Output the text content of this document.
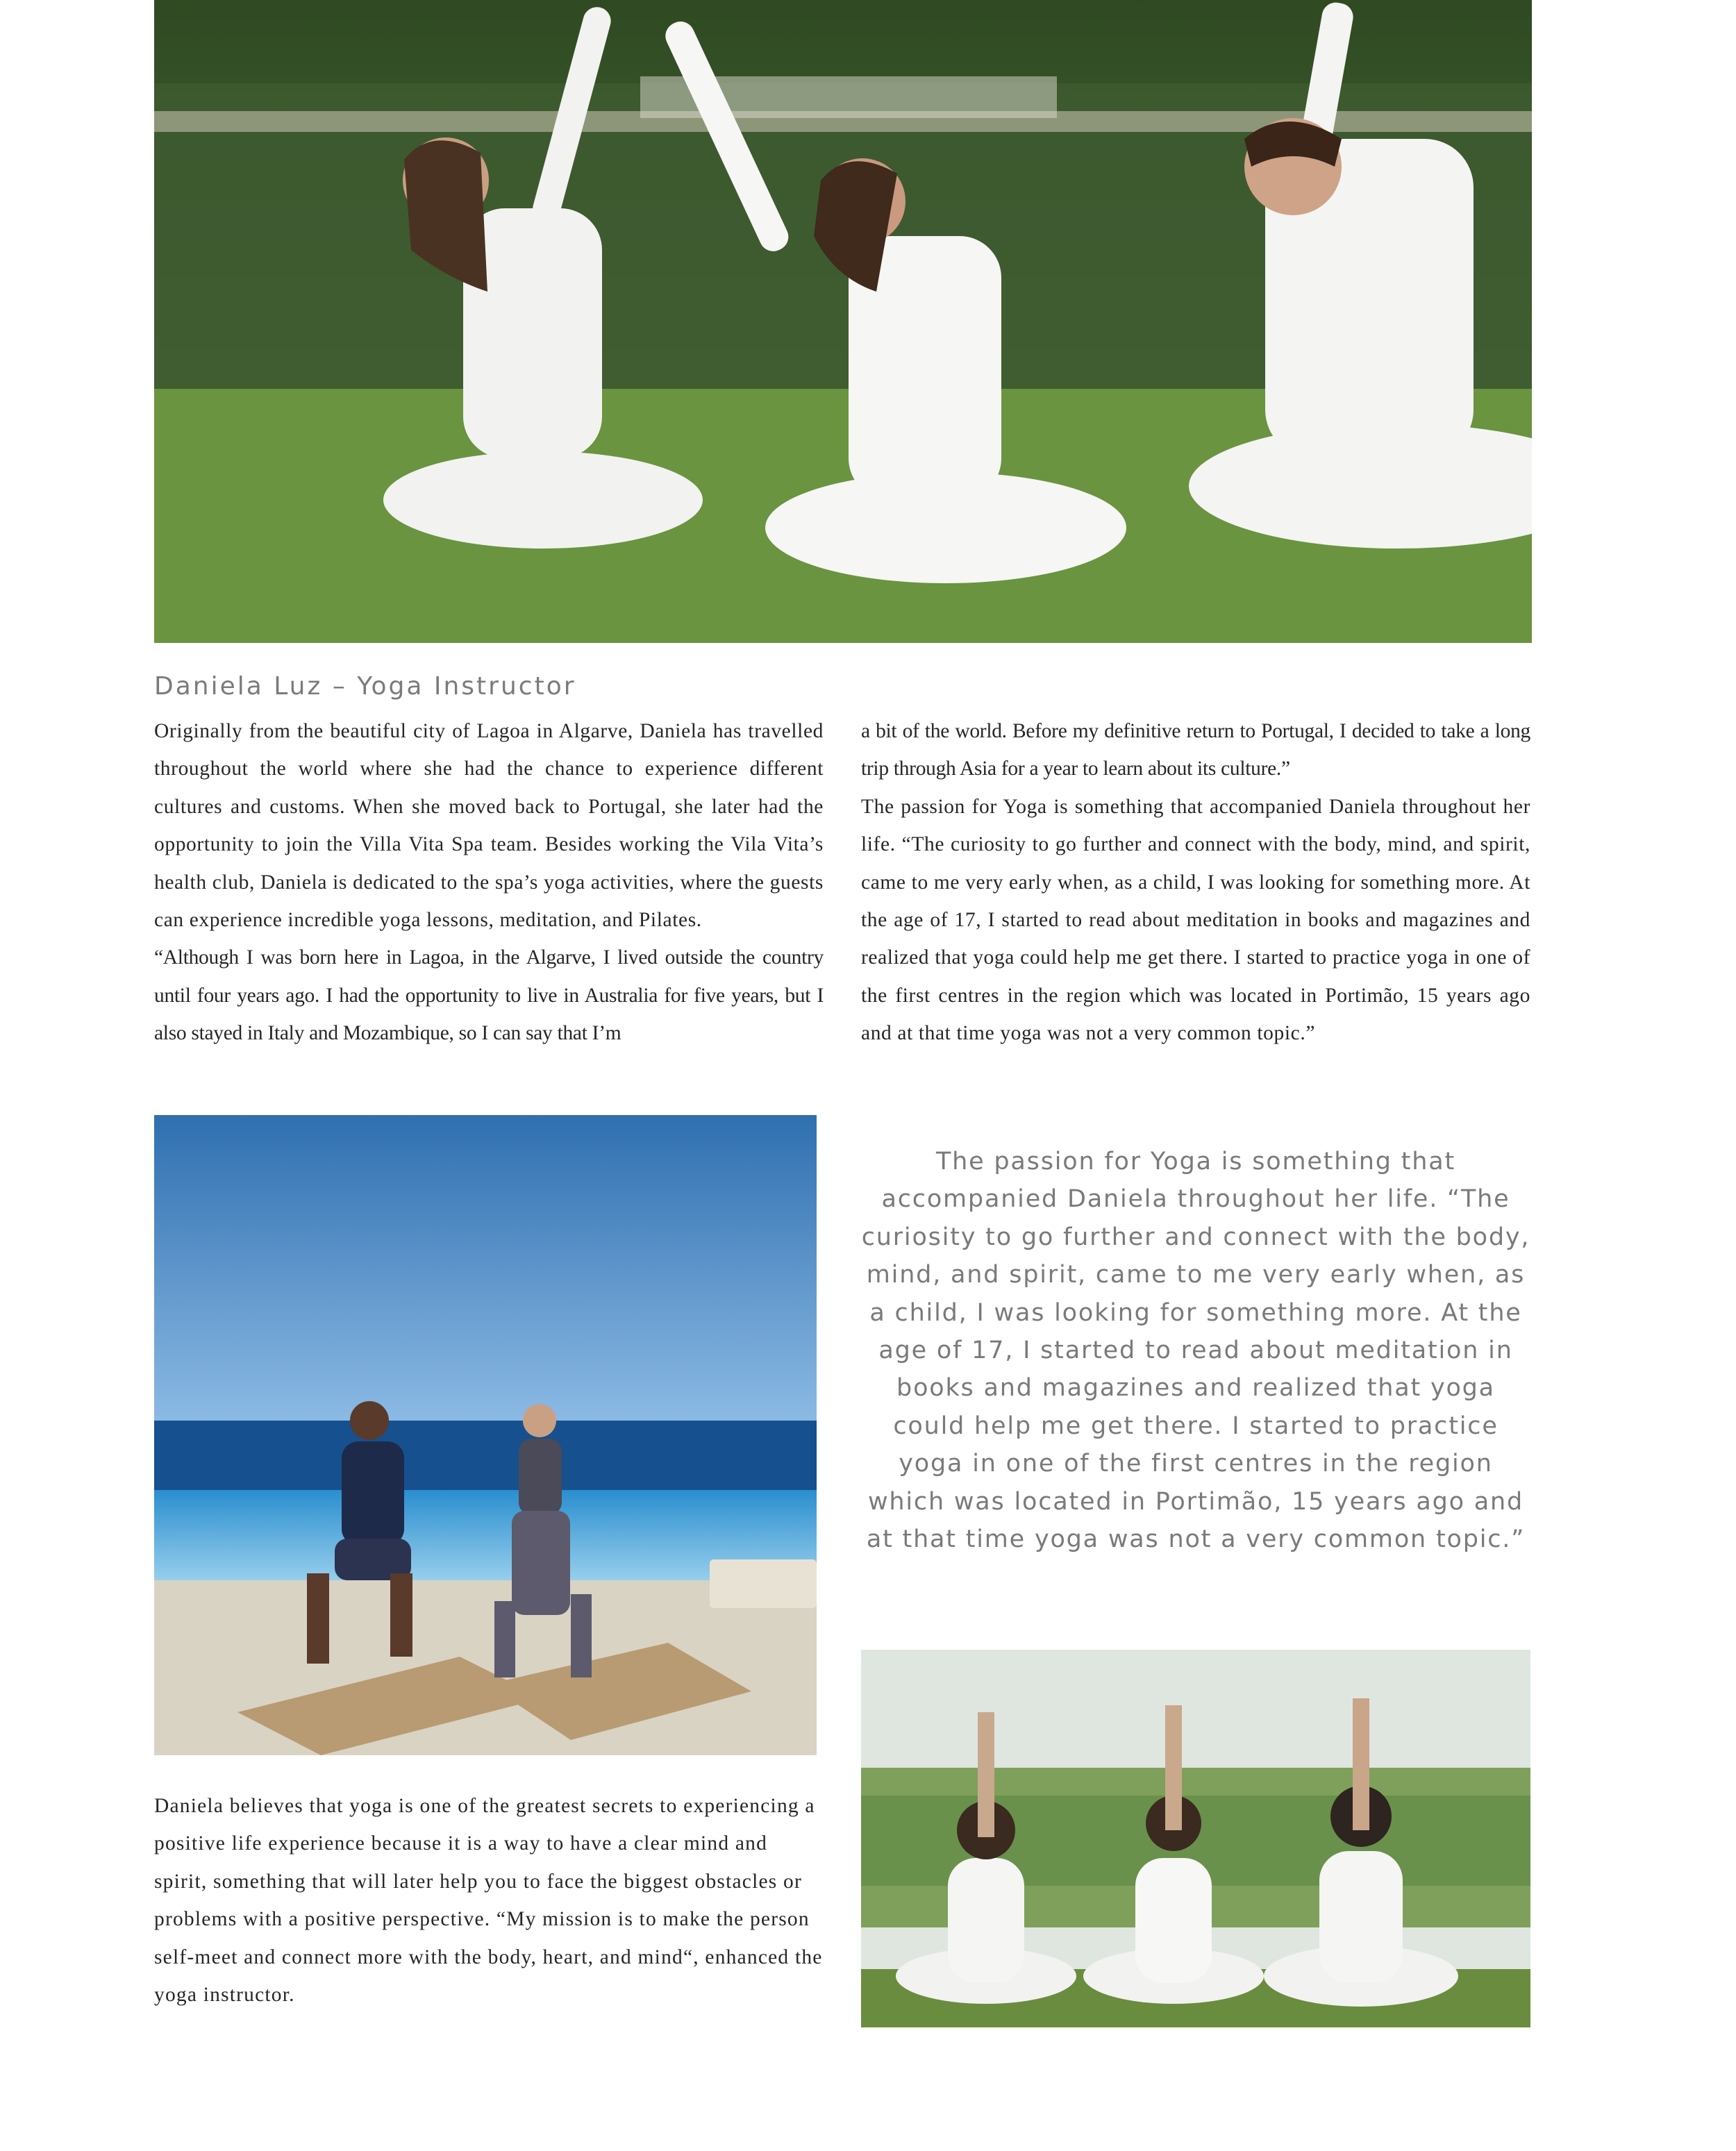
Daniela Luz – Yoga Instructor

Originally from the beautiful city of Lagoa in Algarve, Daniela has travelled throughout the world where she had the chance to experience different cultures and customs. When she moved back to Portugal, she later had the opportunity to join the Villa Vita Spa team. Besides working the Vila Vita’s health club, Daniela is dedicated to the spa’s yoga activities, where the guests can experience incredible yoga lessons, meditation, and Pilates.

“Although I was born here in Lagoa, in the Algarve, I lived outside the country until four years ago. I had the opportunity to live in Australia for five years, but I also stayed in Italy and Mozambique, so I can say that I’m

a bit of the world. Before my definitive return to Portugal, I decided to take a long trip through Asia for a year to learn about its culture.”

The passion for Yoga is something that accompanied Daniela throughout her life. “The curiosity to go further and connect with the body, mind, and spirit, came to me very early when, as a child, I was looking for something more. At the age of 17, I started to read about meditation in books and magazines and realized that yoga could help me get there. I started to practice yoga in one of the first centres in the region which was located in Portimão, 15 years ago and at that time yoga was not a very common topic.”

The passion for Yoga is something that accompanied Daniela throughout her life. “The curiosity to go further and connect with the body, mind, and spirit, came to me very early when, as a child, I was looking for something more. At the age of 17, I started to read about meditation in books and magazines and realized that yoga could help me get there. I started to practice yoga in one of the first centres in the region which was located in Portimão, 15 years ago and at that time yoga was not a very common topic.”

Daniela believes that yoga is one of the greatest secrets to experiencing a positive life experience because it is a way to have a clear mind and spirit, something that will later help you to face the biggest obstacles or problems with a positive perspective. “My mission is to make the person self-meet and connect more with the body, heart, and mind“, enhanced the yoga instructor.
